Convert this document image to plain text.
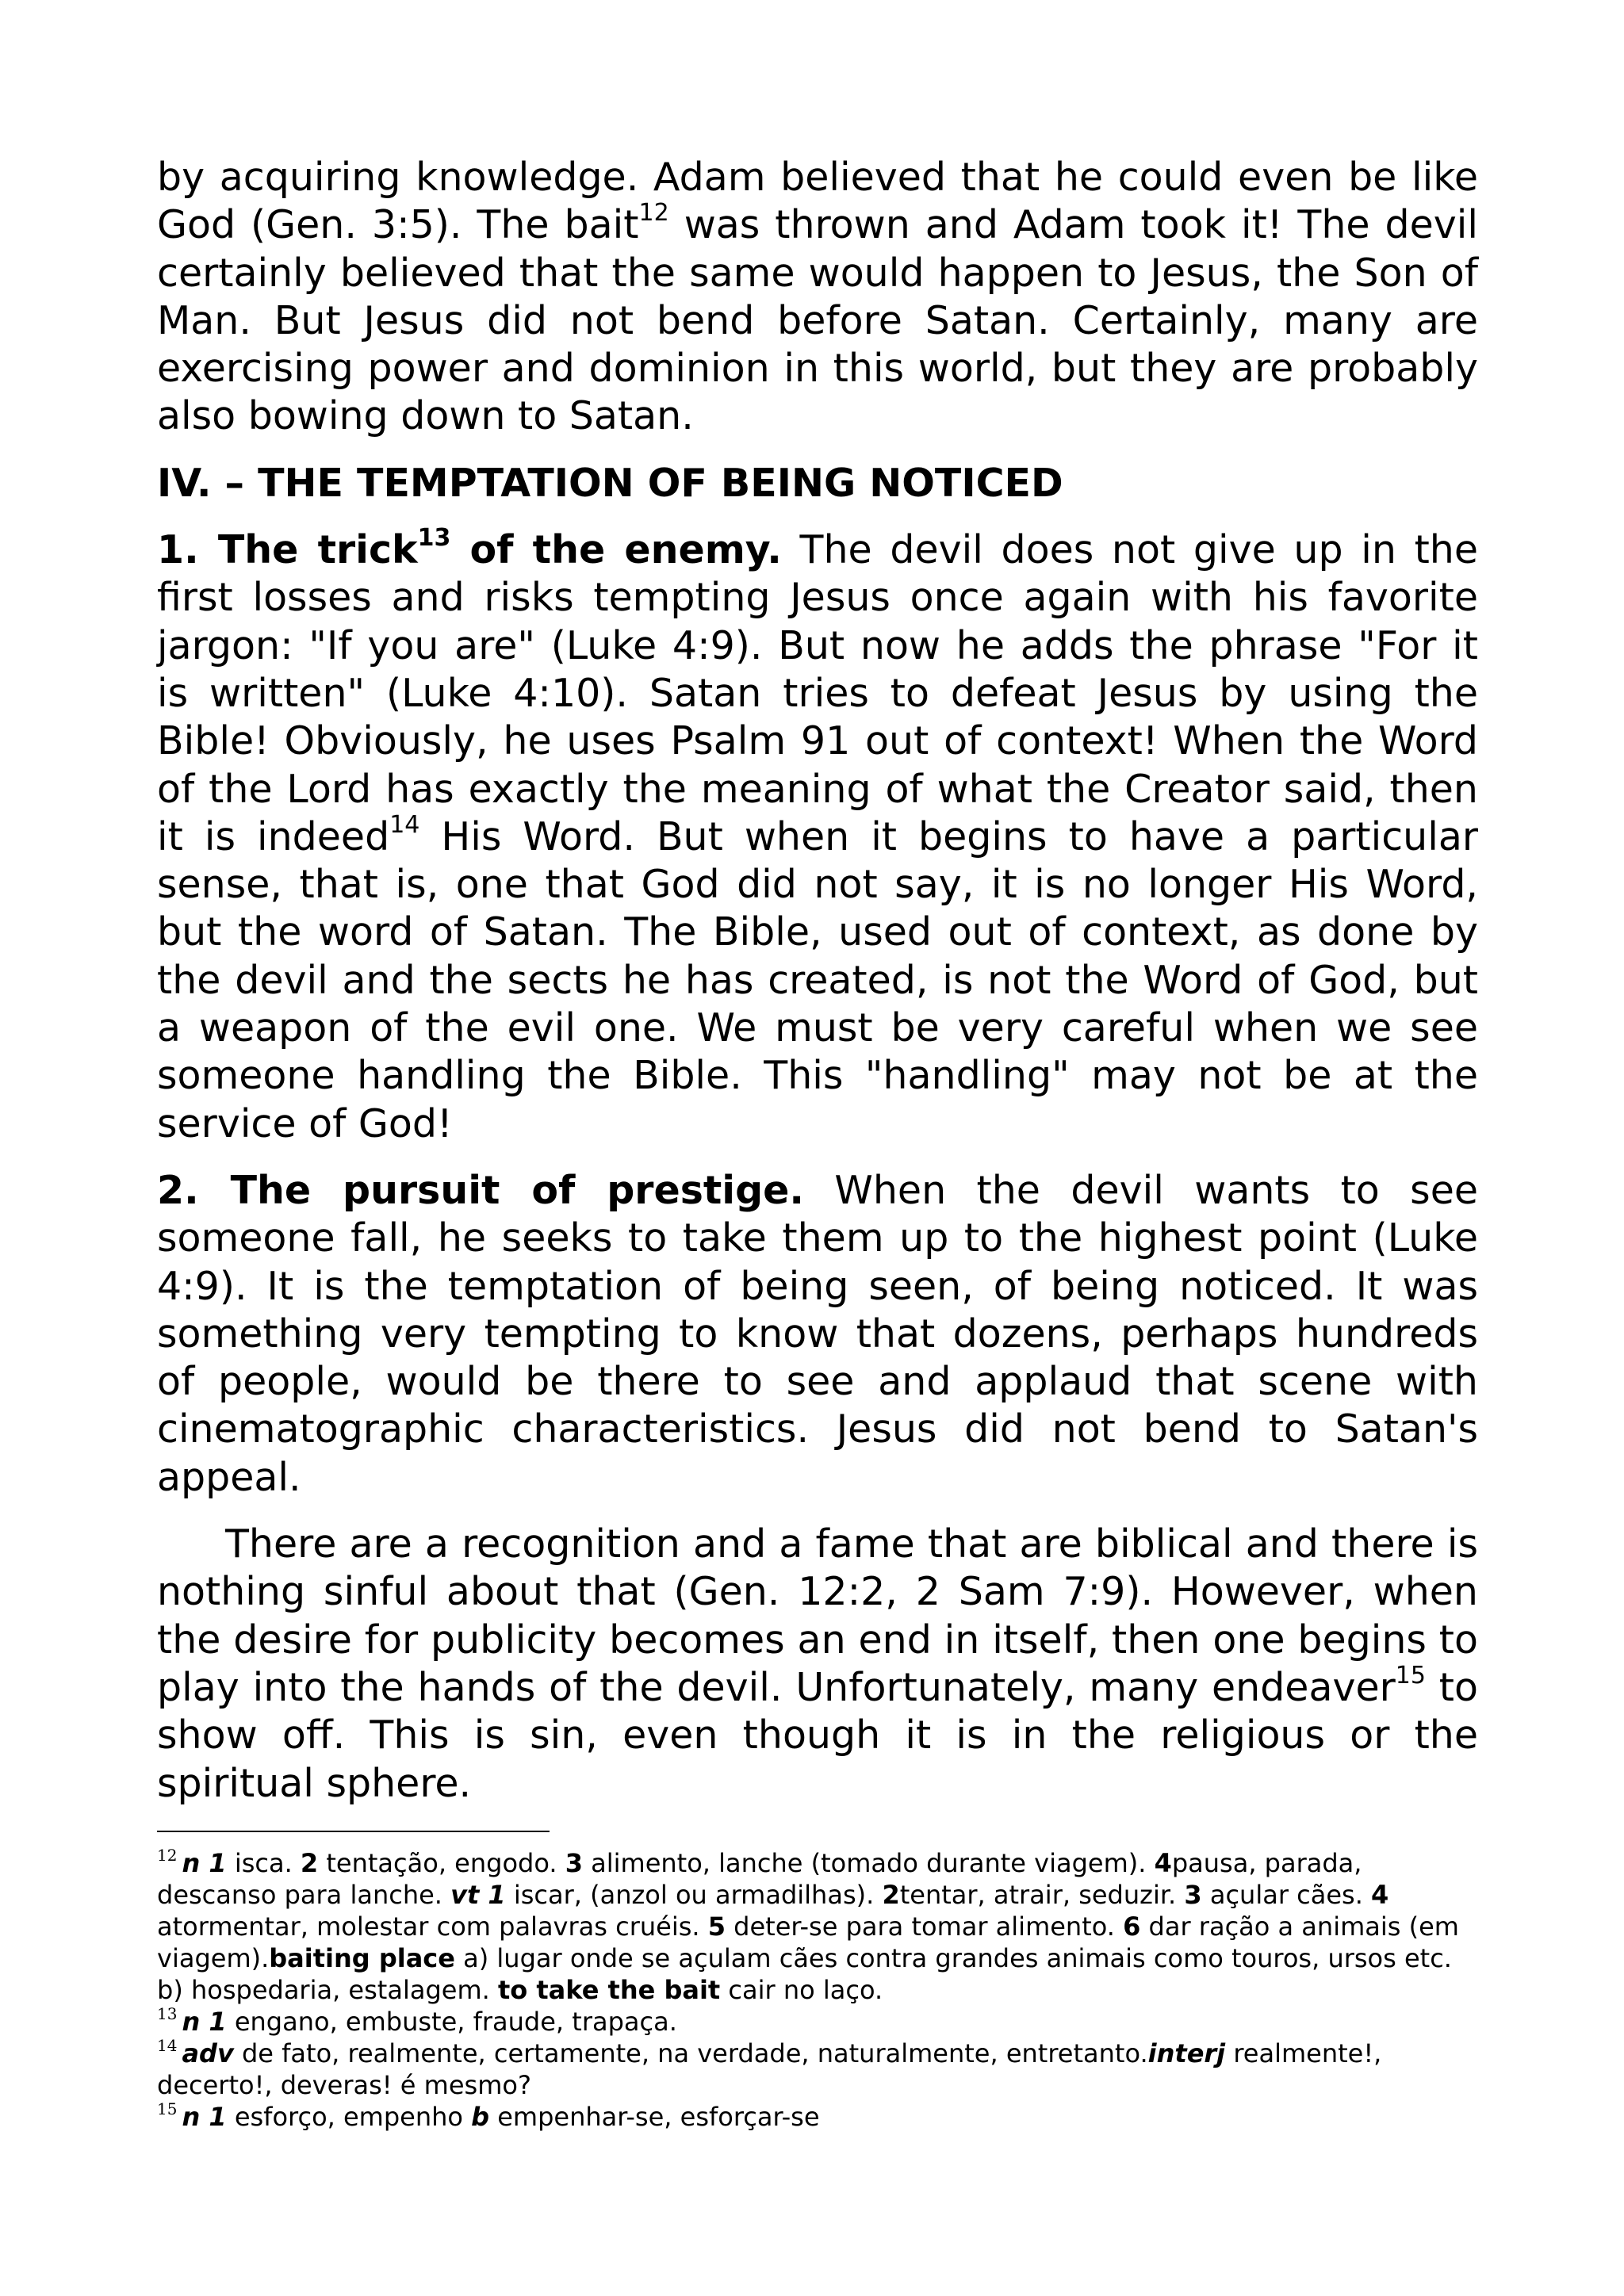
by acquiring knowledge. Adam believed that he could even be like God (Gen. 3:5). The bait$^{12}$ was thrown and Adam took it! The devil certainly believed that the same would happen to Jesus, the Son of Man. But Jesus did not bend before Satan. Certainly, many are exercising power and dominion in this world, but they are probably also bowing down to Satan.

IV. – THE TEMPTATION OF BEING NOTICED

1. The trick$^{13}$ of the enemy. The devil does not give up in the first losses and risks tempting Jesus once again with his favorite jargon: "If you are" (Luke 4:9). But now he adds the phrase "For it is written" (Luke 4:10). Satan tries to defeat Jesus by using the Bible! Obviously, he uses Psalm 91 out of context! When the Word of the Lord has exactly the meaning of what the Creator said, then it is indeed$^{14}$ His Word. But when it begins to have a particular sense, that is, one that God did not say, it is no longer His Word, but the word of Satan. The Bible, used out of context, as done by the devil and the sects he has created, is not the Word of God, but a weapon of the evil one. We must be very careful when we see someone handling the Bible. This "handling" may not be at the service of God!

2. The pursuit of prestige. When the devil wants to see someone fall, he seeks to take them up to the highest point (Luke 4:9). It is the temptation of being seen, of being noticed. It was something very tempting to know that dozens, perhaps hundreds of people, would be there to see and applaud that scene with cinematographic characteristics. Jesus did not bend to Satan's appeal.

There are a recognition and a fame that are biblical and there is nothing sinful about that (Gen. 12:2, 2 Sam 7:9). However, when the desire for publicity becomes an end in itself, then one begins to play into the hands of the devil. Unfortunately, many endeaver$^{15}$ to show off. This is sin, even though it is in the religious or the spiritual sphere.

$^{12}$ n 1 isca. 2 tentação, engodo. 3 alimento, lanche (tomado durante viagem). 4pausa, parada, descanso para lanche. vt 1 iscar, (anzol ou armadilhas). 2tentar, atrair, seduzir. 3 açular cães. 4 atormentar, molestar com palavras cruéis. 5 deter-se para tomar alimento. 6 dar ração a animais (em viagem).baiting place a) lugar onde se açulam cães contra grandes animais como touros, ursos etc. b) hospedaria, estalagem. to take the bait cair no laço.

$^{13}$ n 1 engano, embuste, fraude, trapaça.

$^{14}$ adv de fato, realmente, certamente, na verdade, naturalmente, entretanto.interj realmente!, decerto!, deveras! é mesmo?

$^{15}$ n 1 esforço, empenho b empenhar-se, esforçar-se
